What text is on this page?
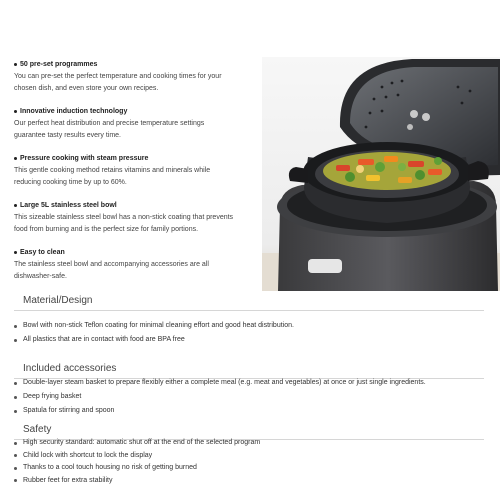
50 pre-set programmes
You can pre-set the perfect temperature and cooking times for your
chosen dish, and even store your own recipes.
Innovative induction technology
Our perfect heat distribution and precise temperature settings
guarantee tasty results every time.
Pressure cooking with steam pressure
This gentle cooking method retains vitamins and minerals while
reducing cooking time by up to 60%.
Large 5L stainless steel bowl
This sizeable stainless steel bowl has a non-stick coating that prevents
food from burning and is the perfect size for family portions.
Easy to clean
The stainless steel bowl and accompanying accessories are all
dishwasher-safe.
Material/Design
Bowl with non-stick Teflon coating for minimal cleaning effort and good heat distribution.
All plastics that are in contact with food are BPA free
Included accessories
Double-layer steam basket to prepare flexibly either a complete meal (e.g. meat and vegetables) at once or just single ingredients.
Deep frying basket
Spatula for stirring and spoon
Safety
High security standard: automatic shut off at the end of the selected program
Child lock with shortcut to lock the display
Thanks to a cool touch housing no risk of getting burned
Rubber feet for extra stability
